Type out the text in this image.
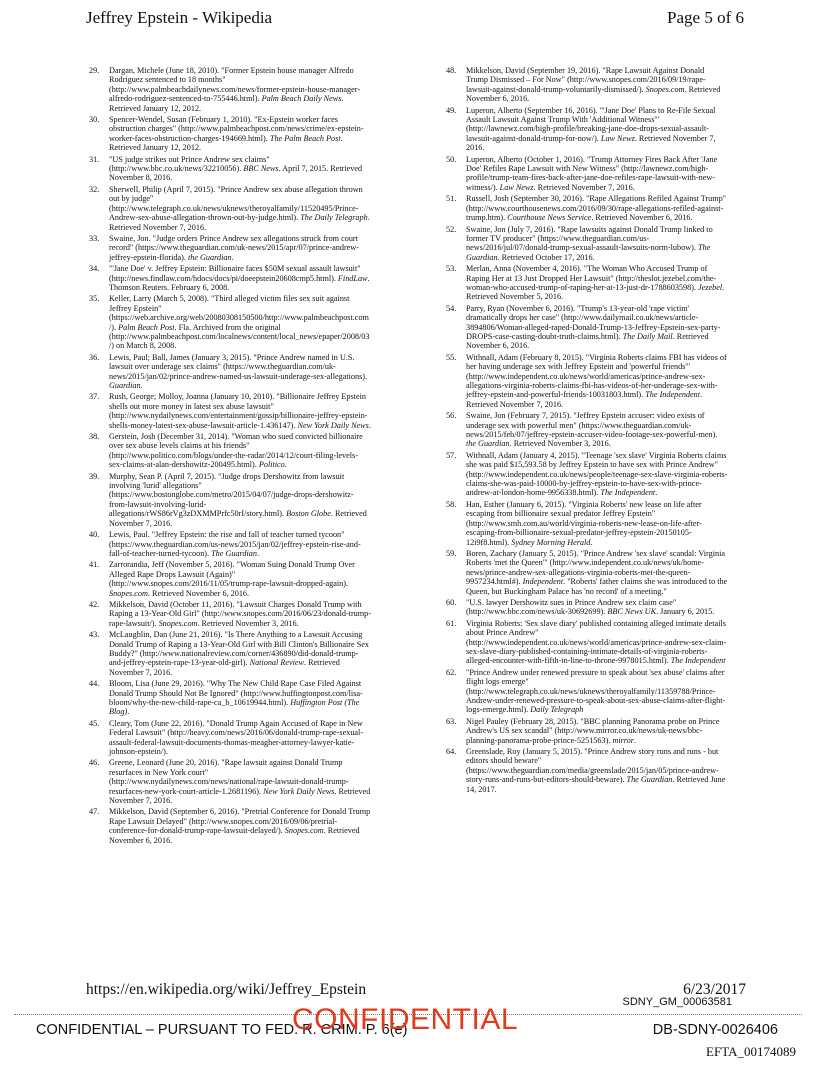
Jeffrey Epstein - Wikipedia	Page 5 of 6
29. Dargan, Michele (June 18, 2010). "Former Epstein house manager Alfredo Rodriguez sentenced to 18 months" (http://www.palmbeachdailynews.com/news/former-epstein-house-manager-alfredo-rodriguez-sentenced-to-755446.html). Palm Beach Daily News. Retrieved January 12, 2012.
30. Spencer-Wendel, Susan (February 1, 2010). "Ex-Epstein worker faces obstruction charges" (http://www.palmbeachpost.com/news/crime/ex-epstein-worker-faces-obstruction-charges-194669.html). The Palm Beach Post. Retrieved January 12, 2012.
31. "US judge strikes out Prince Andrew sex claims" (http://www.bbc.co.uk/news/32210056). BBC News. April 7, 2015. Retrieved November 8, 2016.
32. Sherwell, Philip (April 7, 2015). "Prince Andrew sex abuse allegation thrown out by judge" (http://www.telegraph.co.uk/news/uknews/theroyalfamily/11520495/Prince-Andrew-sex-abuse-allegation-thrown-out-by-judge.html). The Daily Telegraph. Retrieved November 7, 2016.
33. Swaine, Jon. "Judge orders Prince Andrew sex allegations struck from court record" (https://www.theguardian.com/uk-news/2015/apr/07/prince-andrew-jeffrey-epstein-florida). the Guardian.
34. "'Jane Doe' v. Jeffrey Epstein: Billionaire faces $50M sexual assault lawsuit" (http://news.findlaw.com/hdocs/docs/pi/doeepstein20608cmp5.html). FindLaw. Thomson Reuters. February 6, 2008.
35. Keller, Larry (March 5, 2008). "Third alleged victim files sex suit against Jeffrey Epstein" (https://web.archive.org/web/20080308150500/http://www.palmbeachpost.com/). Palm Beach Post. Fla. Archived from the original (http://www.palmbeachpost.com/localnews/content/local_news/epaper/2008/03/) on March 8, 2008.
36. Lewis, Paul; Ball, James (January 3, 2015). "Prince Andrew named in U.S. lawsuit over underage sex claims" (https://www.theguardian.com/uk-news/2015/jan/02/prince-andrew-named-us-lawsuit-underage-sex-allegations). Guardian.
37. Rush, George; Molloy, Joanna (January 10, 2010). "Billionaire Jeffrey Epstein shells out more money in latest sex abuse lawsuit" (http://www.nydailynews.com/entertainment/gossip/billionaire-jeffrey-epstein-shells-money-latest-sex-abuse-lawsuit-article-1.436147). New York Daily News.
38. Gerstein, Josh (December 31, 2014). "Woman who sued convicted billionaire over sex abuse levels claims at his friends" (http://www.politico.com/blogs/under-the-radar/2014/12/court-filing-levels-sex-claims-at-alan-dershowitz-200495.html). Politico.
39. Murphy, Sean P. (April 7, 2015). "Judge drops Dershowitz from lawsuit involving 'lurid' allegations" (https://www.bostonglobe.com/metro/2015/04/07/judge-drops-dershowitz-from-lawsuit-involving-lurid-allegations/rWS86rVg3zDXMMPrfc50rI/story.html). Boston Globe. Retrieved November 7, 2016.
40. Lewis, Paul. "Jeffrey Epstein: the rise and fall of teacher turned tycoon" (https://www.theguardian.com/us-news/2015/jan/02/jeffrey-epstein-rise-and-fall-of-teacher-turned-tycoon). The Guardian.
41. Zarrorandia, Jeff (November 5, 2016). "Woman Suing Donald Trump Over Alleged Rape Drops Lawsuit (Again)" (http://www.snopes.com/2016/11/05/trump-rape-lawsuit-dropped-again). Snopes.com. Retrieved November 6, 2016.
42. Mikkelson, David (October 11, 2016). "Lawsuit Charges Donald Trump with Raping a 13-Year-Old Girl" (http://www.snopes.com/2016/06/23/donald-trump-rape-lawsuit/). Snopes.com. Retrieved November 3, 2016.
43. McLaughlin, Dan (June 21, 2016). "Is There Anything to a Lawsuit Accusing Donald Trump of Raping a 13-Year-Old Girl with Bill Clinton's Billionaire Sex Buddy?" (http://www.nationalreview.com/corner/436890/did-donald-trump-and-jeffrey-epstein-rape-13-year-old-girl). National Review. Retrieved November 7, 2016.
44. Bloom, Lisa (June 29, 2016). "Why The New Child Rape Case Filed Against Donald Trump Should Not Be Ignored" (http://www.huffingtonpost.com/lisa-bloom/why-the-new-child-rape-ca_b_10619944.html). Huffington Post (The Blog).
45. Cleary, Tom (June 22, 2016). "Donald Trump Again Accused of Rape in New Federal Lawsuit" (http://heavy.com/news/2016/06/donald-trump-rape-sexual-assault-federal-lawsuit-documents-thomas-meagher-attorney-lawyer-katie-johnson-epstein/).
46. Greene, Leonard (June 20, 2016). "Rape lawsuit against Donald Trump resurfaces in New York court" (http://www.nydailynews.com/news/national/rape-lawsuit-donald-trump-resurfaces-new-york-court-article-1.2681196). New York Daily News. Retrieved November 7, 2016.
47. Mikkelson, David (September 6, 2016). "Pretrial Conference for Donald Trump Rape Lawsuit Delayed" (http://www.snopes.com/2016/09/06/pretrial-conference-for-donald-trump-rape-lawsuit-delayed/). Snopes.com. Retrieved November 6, 2016.
48. Mikkelson, David (September 19, 2016). "Rape Lawsuit Against Donald Trump Dismissed – For Now" (http://www.snopes.com/2016/09/19/rape-lawsuit-against-donald-trump-voluntarily-dismissed/). Snopes.com. Retrieved November 6, 2016.
49. Luperon, Alberto (September 16, 2016). "'Jane Doe' Plans to Re-File Sexual Assault Lawsuit Against Trump With 'Additional Witness'" (http://lawnewz.com/high-profile/breaking-jane-doe-drops-sexual-assault-lawsuit-against-donald-trump-for-now/). Law Newz. Retrieved November 7, 2016.
50. Luperon, Alberto (October 1, 2016). "Trump Attorney Fires Back After 'Jane Doe' Refiles Rape Lawsuit with New Witness" (http://lawnewz.com/high-profile/trump-team-fires-back-after-jane-doe-refiles-rape-lawsuit-with-new-witness/). Law Newz. Retrieved November 7, 2016.
51. Russell, Josh (September 30, 2016). "Rape Allegations Refiled Against Trump" (http://www.courthousenews.com/2016/09/30/rape-allegations-refiled-against-trump.htm). Courthouse News Service. Retrieved November 6, 2016.
52. Swaine, Jon (July 7, 2016). "Rape lawsuits against Donald Trump linked to former TV producer" (https://www.theguardian.com/us-news/2016/jul/07/donald-trump-sexual-assault-lawsuits-norm-lubow). The Guardian. Retrieved October 17, 2016.
53. Merlan, Anna (November 4, 2016). "The Woman Who Accused Trump of Raping Her at 13 Just Dropped Her Lawsuit" (http://theslot.jezebel.com/the-woman-who-accused-trump-of-raping-her-at-13-just-dr-1788603598). Jezebel. Retrieved November 5, 2016.
54. Parry, Ryan (November 6, 2016). "Trump's 13-year-old 'rape victim' dramatically drops her case" (http://www.dailymail.co.uk/news/article-3894806/Woman-alleged-raped-Donald-Trump-13-Jeffrey-Epstein-sex-party-DROPS-case-casting-doubt-truth-claims.html). The Daily Mail. Retrieved November 6, 2016.
55. Withnall, Adam (February 8, 2015). "Virginia Roberts claims FBI has videos of her having underage sex with Jeffrey Epstein and 'powerful friends'" (http://www.independent.co.uk/news/world/americas/prince-andrew-sex-allegations-virginia-roberts-claims-fbi-has-videos-of-her-underage-sex-with-jeffrey-epstein-and-powerful-friends-10031803.html). The Independent. Retrieved November 7, 2016.
56. Swaine, Jon (February 7, 2015). "Jeffrey Epstein accuser: video exists of underage sex with powerful men" (https://www.theguardian.com/uk-news/2015/feb/07/jeffrey-epstein-accuser-video-footage-sex-powerful-men). the Guardian. Retrieved November 3, 2016.
57. Withnall, Adam (January 4, 2015). "Teenage 'sex slave' Virginia Roberts claims she was paid $15,593.58 by Jeffrey Epstein to have sex with Prince Andrew" (http://www.independent.co.uk/news/people/teenage-sex-slave-virginia-roberts-claims-she-was-paid-10000-by-jeffrey-epstein-to-have-sex-with-prince-andrew-at-london-home-9956338.html). The Independent.
58. Han, Esther (January 6, 2015). "Virginia Roberts' new lease on life after escaping from billionaire sexual predator Jeffrey Epstein" (http://www.smh.com.au/world/virginia-roberts-new-lease-on-life-after-escaping-from-billionaire-sexual-predator-jeffrey-epstein-20150105-12i9f8.html). Sydney Morning Herald.
59. Boren, Zachary (January 5, 2015). "Prince Andrew 'sex slave' scandal: Virginia Roberts 'met the Queen'" (http://www.independent.co.uk/news/uk/home-news/prince-andrew-sex-allegations-virginia-roberts-met-the-queen-9957234.html#). Independent. "Roberts' father claims she was introduced to the Queen, but Buckingham Palace has 'no record' of a meeting."
60. "U.S. lawyer Dershowitz sues in Prince Andrew sex claim case" (http://www.bbc.com/news/uk-30692699). BBC News UK. January 6, 2015.
61. Virginia Roberts: 'Sex slave diary' published containing alleged intimate details about Prince Andrew" (http://www.independent.co.uk/news/world/americas/prince-andrew-sex-claim-sex-slave-diary-published-containing-intimate-details-of-virginia-roberts-alleged-encounter-with-fifth-in-line-to-throne-9978015.html). The Independent
62. "Prince Andrew under renewed pressure to speak about 'sex abuse' claims after flight logs emerge" (http://www.telegraph.co.uk/news/uknews/theroyalfamily/11359788/Prince-Andrew-under-renewed-pressure-to-speak-about-sex-abuse-claims-after-flight-logs-emerge.html). Daily Telegraph
63. Nigel Pauley (February 28, 2015). "BBC planning Panorama probe on Prince Andrew's US sex scandal" (http://www.mirror.co.uk/news/uk-news/bbc-planning-panorama-probe-prince-5251563). mirror.
64. Greenslade, Roy (January 5, 2015). "Prince Andrew story runs and runs - but editors should beware" (https://www.theguardian.com/media/greenslade/2015/jan/05/prince-andrew-story-runs-and-runs-but-editors-should-beware). The Guardian. Retrieved June 14, 2017.
https://en.wikipedia.org/wiki/Jeffrey_Epstein	6/23/2017
SDNY_GM_00063581
CONFIDENTIAL – PURSUANT TO FED. R. CRIM. P. 6(e)
CONFIDENTIAL	DB-SDNY-0026406
EFTA_00174089
